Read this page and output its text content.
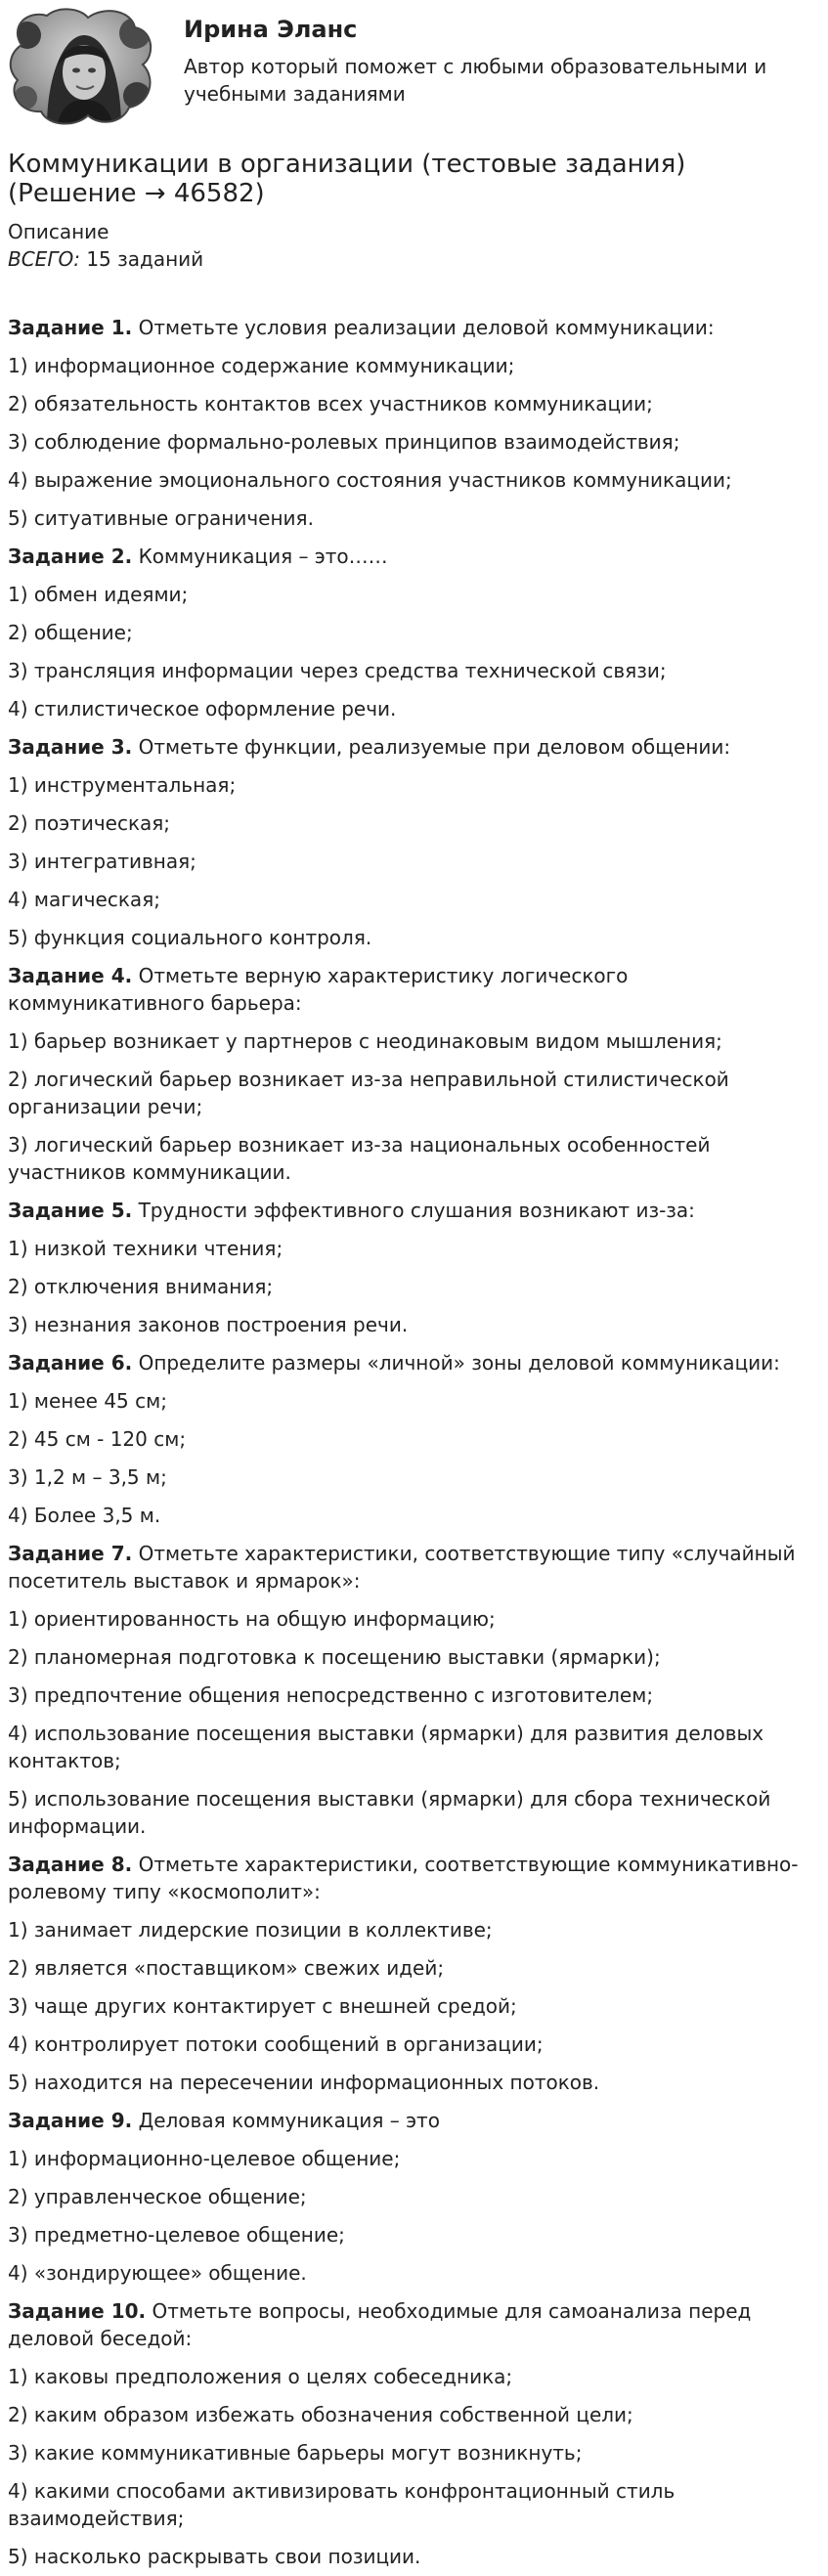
Ирина Эланс
Автор который поможет с любыми образовательными и учебными заданиями
Коммуникации в организации (тестовые задания) (Решение → 46582)
Описание
ВСЕГО: 15 заданий

Задание 1. Отметьте условия реализации деловой коммуникации:

1) информационное содержание коммуникации;

2) обязательность контактов всех участников коммуникации;

3) соблюдение формально-ролевых принципов взаимодействия;

4) выражение эмоционального состояния участников коммуникации;

5) ситуативные ограничения.

Задание 2. Коммуникация – это……

1) обмен идеями;

2) общение;

3) трансляция информации через средства технической связи;

4) стилистическое оформление речи.

Задание 3. Отметьте функции, реализуемые при деловом общении:

1) инструментальная;

2) поэтическая;

3) интегративная;

4) магическая;

5) функция социального контроля.

Задание 4. Отметьте верную характеристику логического коммуникативного барьера:

1) барьер возникает у партнеров с неодинаковым видом мышления;

2) логический барьер возникает из-за неправильной стилистической организации речи;

3) логический барьер возникает из-за национальных особенностей участников коммуникации.

Задание 5. Трудности эффективного слушания возникают из-за:

1) низкой техники чтения;

2) отключения внимания;

3) незнания законов построения речи.

Задание 6. Определите размеры «личной» зоны деловой коммуникации:

1) менее 45 см;

2) 45 см - 120 см;

3) 1,2 м – 3,5 м;

4) Более 3,5 м.

Задание 7. Отметьте характеристики, соответствующие типу «случайный посетитель выставок и ярмарок»:

1) ориентированность на общую информацию;

2) планомерная подготовка к посещению выставки (ярмарки);

3) предпочтение общения непосредственно с изготовителем;

4) использование посещения выставки (ярмарки) для развития деловых контактов;

5) использование посещения выставки (ярмарки) для сбора технической информации.

Задание 8. Отметьте характеристики, соответствующие коммуникативно-ролевому типу «космополит»:

1) занимает лидерские позиции в коллективе;

2) является «поставщиком» свежих идей;

3) чаще других контактирует с внешней средой;

4) контролирует потоки сообщений в организации;

5) находится на пересечении информационных потоков.

Задание 9. Деловая коммуникация – это

1) информационно-целевое общение;

2) управленческое общение;

3) предметно-целевое общение;

4) «зондирующее» общение.

Задание 10. Отметьте вопросы, необходимые для самоанализа перед деловой беседой:

1) каковы предположения о целях собеседника;

2) каким образом избежать обозначения собственной цели;

3) какие коммуникативные барьеры могут возникнуть;

4) какими способами активизировать конфронтационный стиль взаимодействия;

5) насколько раскрывать свои позиции.
